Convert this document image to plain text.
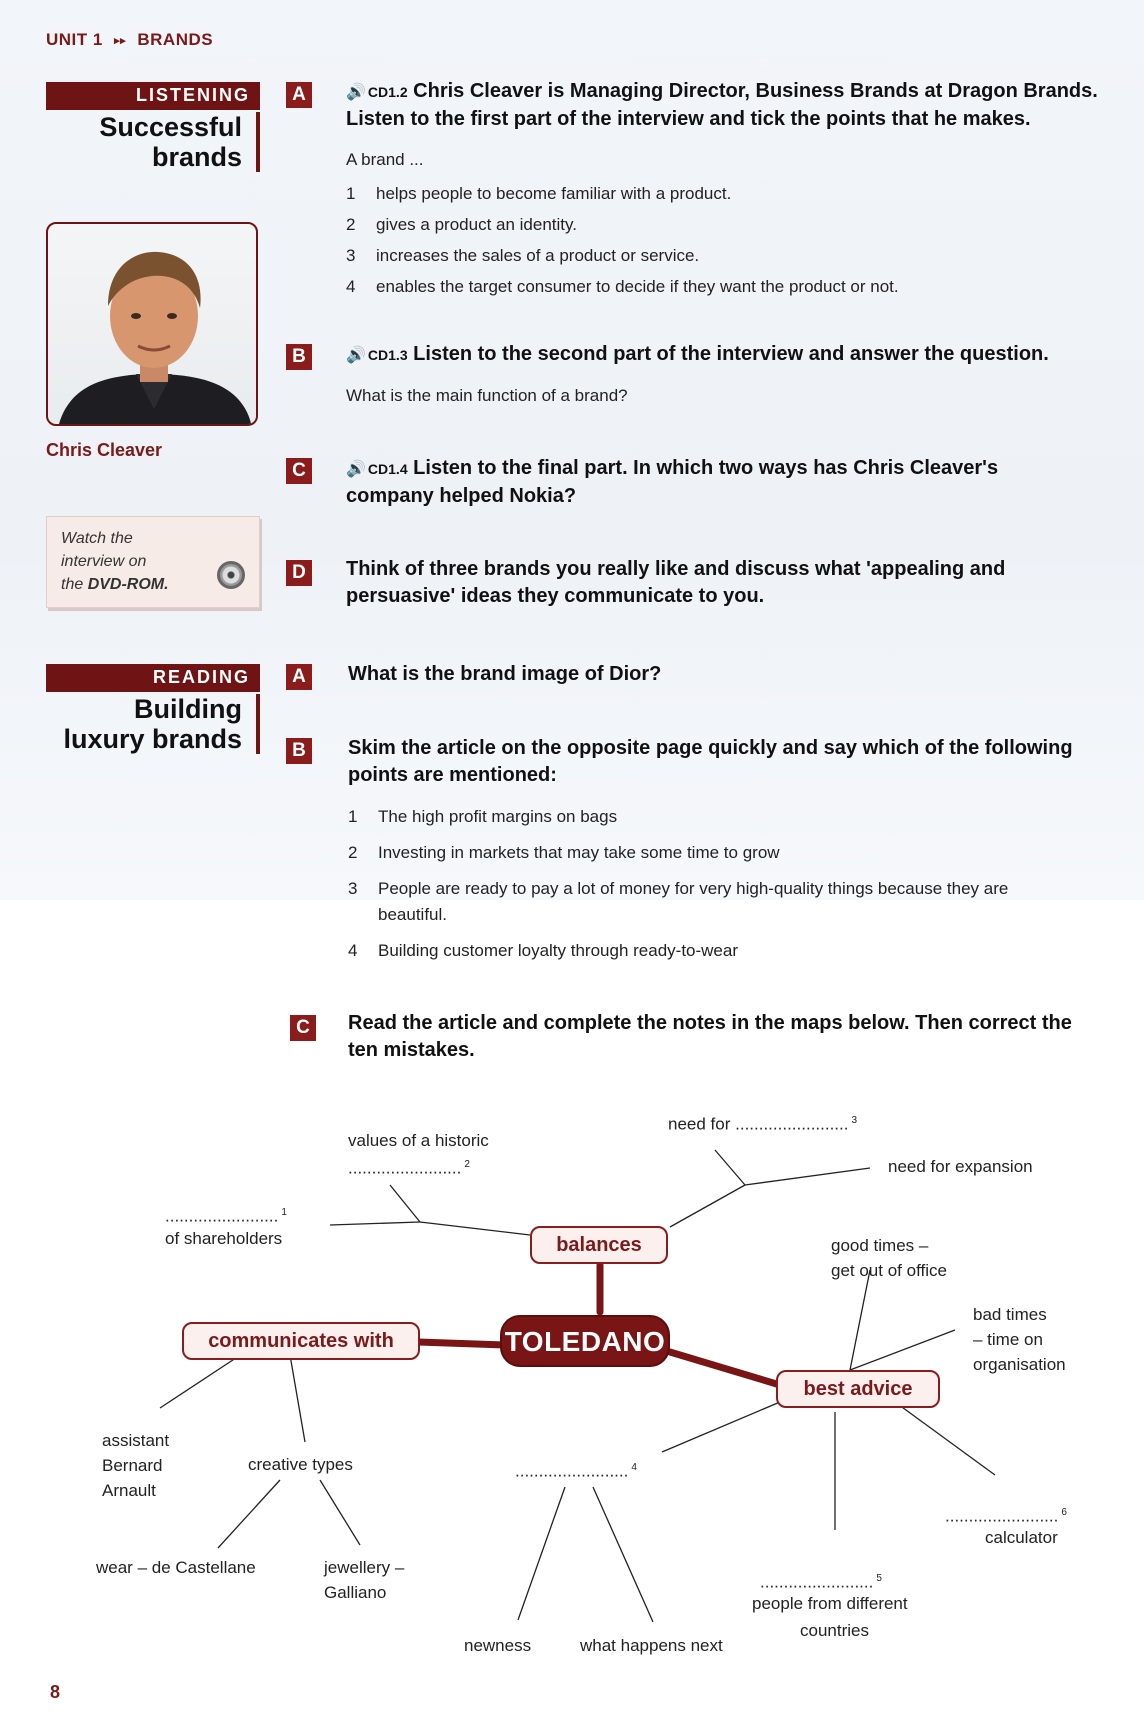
UNIT 1 ▸▸ BRANDS
LISTENING
Successful brands
Chris Cleaver
Watch the
interview on
the DVD-ROM.
A	🔊 CD1.2 Chris Cleaver is Managing Director, Business Brands at Dragon Brands. Listen to the first part of the interview and tick the points that he makes.
A brand ...
1 helps people to become familiar with a product.
2 gives a product an identity.
3 increases the sales of a product or service.
4 enables the target consumer to decide if they want the product or not.
B	🔊 CD1.3 Listen to the second part of the interview and answer the question.
What is the main function of a brand?
C	🔊 CD1.4 Listen to the final part. In which two ways has Chris Cleaver's company helped Nokia?
D	Think of three brands you really like and discuss what 'appealing and persuasive' ideas they communicate to you.
READING
Building luxury brands
A	What is the brand image of Dior?
B	Skim the article on the opposite page quickly and say which of the following points are mentioned:
1 The high profit margins on bags
2 Investing in markets that may take some time to grow
3 People are ready to pay a lot of money for very high-quality things because they are beautiful.
4 Building customer loyalty through ready-to-wear
C	Read the article and complete the notes in the maps below. Then correct the ten mistakes.
TOLEDANO
balances
communicates with
best advice
values of a historic
........................ $^2$
........................ $^1$
of shareholders
need for ........................ $^3$
need for expansion
assistant
Bernard
Arnault
creative types
wear – de Castellane	jewellery –
Galliano
good times –
get out of office
bad times
– time on
organisation
........................ $^4$
........................ $^6$
calculator
........................ $^5$
people from different
countries
newness	what happens next
8
